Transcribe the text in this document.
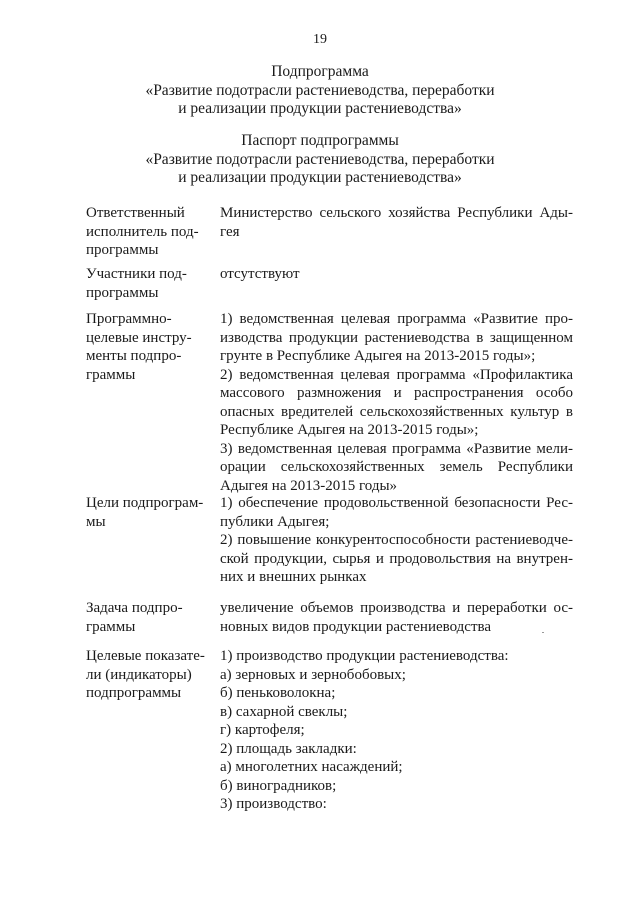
19
Подпрограмма
«Развитие подотрасли растениеводства, переработки
и реализации продукции растениеводства»
Паспорт подпрограммы
«Развитие подотрасли растениеводства, переработки
и реализации продукции растениеводства»
Ответственный
исполнитель под-
программы
Министерство сельского хозяйства Республики Ады-
гея
Участники под-
программы
отсутствуют
Программно-
целевые инстру-
менты подпро-
граммы
1) ведомственная целевая программа «Развитие про-
изводства продукции растениеводства в защищенном
грунте в Республике Адыгея на 2013-2015 годы»;
2) ведомственная целевая программа «Профилактика
массового размножения и распространения особо
опасных вредителей сельскохозяйственных культур в
Республике Адыгея на 2013-2015 годы»;
3) ведомственная целевая программа «Развитие мели-
орации сельскохозяйственных земель Республики
Адыгея на 2013-2015 годы»
Цели подпрограм-
мы
1) обеспечение продовольственной безопасности Рес-
публики Адыгея;
2) повышение конкурентоспособности растениеводче-
ской продукции, сырья и продовольствия на внутрен-
них и внешних рынках
Задача подпро-
граммы
увеличение объемов производства и переработки ос-
новных видов продукции растениеводства
Целевые показате-
ли (индикаторы)
подпрограммы
1) производство продукции растениеводства:
а) зерновых и зернобобовых;
б) пеньковолокна;
в) сахарной свеклы;
г) картофеля;
2) площадь закладки:
а) многолетних насаждений;
б) виноградников;
3) производство:
